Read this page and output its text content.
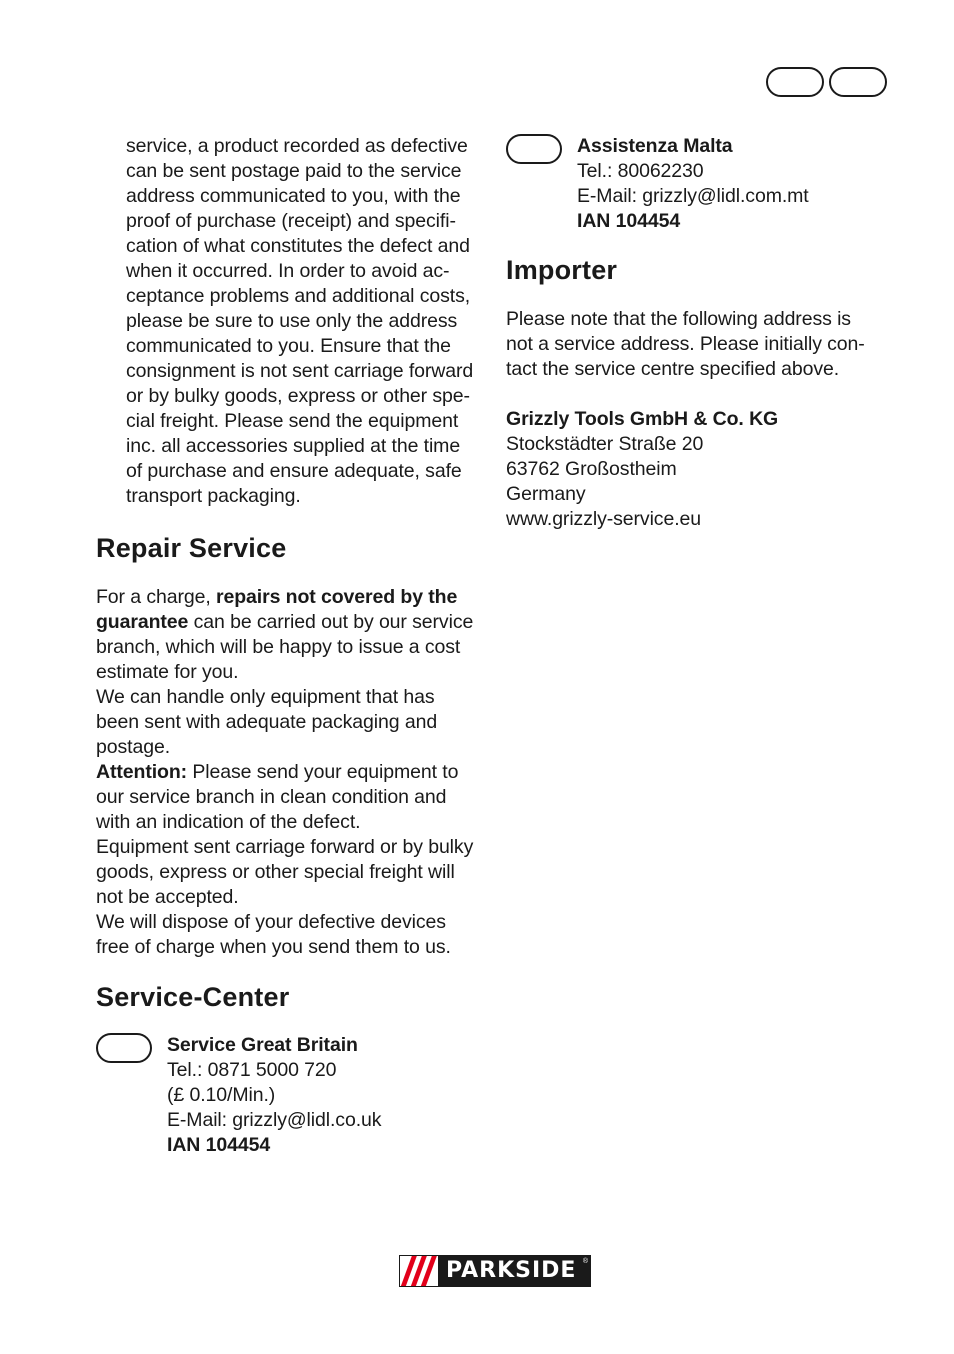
service, a product recorded as defective

can be sent postage paid to the service

address communicated to you, with the

proof of purchase (receipt) and specifi-

cation of what constitutes the defect and

when it occurred. In order to avoid ac-

ceptance problems and additional costs,

please be sure to use only the address

communicated to you. Ensure that the

consignment is not sent carriage forward

or by bulky goods, express or other spe-

cial freight. Please send the equipment

inc. all accessories supplied at the time

of purchase and ensure adequate, safe

transport packaging.

Repair Service

For a charge, repairs not covered by the guarantee can be carried out by our service branch, which will be happy to issue a cost estimate for you.

We can handle only equipment that has been sent with adequate packaging and postage.

Attention: Please send your equipment to our service branch in clean condition and with an indication of the defect.

Equipment sent carriage forward or by bulky goods, express or other special freight will not be accepted.

We will dispose of your defective devices free of charge when you send them to us.

Service-Center

Service Great Britain

Tel.: 0871 5000 720

(£ 0.10/Min.)

E-Mail: grizzly@lidl.co.uk

IAN 104454

Assistenza Malta

Tel.: 80062230

E-Mail: grizzly@lidl.com.mt

IAN 104454

Importer

Please note that the following address is not a service address. Please initially con-tact the service centre specified above.

Grizzly Tools GmbH & Co. KG

Stockstädter Straße 20

63762 Großostheim

Germany

www.grizzly-service.eu

PARKSIDE ®
